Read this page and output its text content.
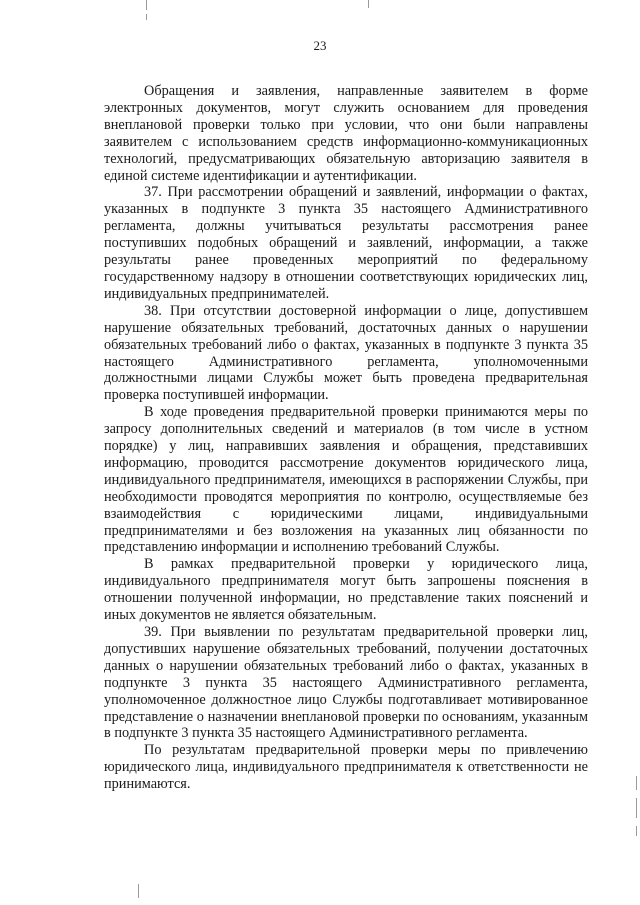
23

Обращения и заявления, направленные заявителем в форме электронных документов, могут служить основанием для проведения внеплановой проверки только при условии, что они были направлены заявителем с использованием средств информационно-коммуникационных технологий, предусматривающих обязательную авторизацию заявителя в единой системе идентификации и аутентификации.

37. При рассмотрении обращений и заявлений, информации о фактах, указанных в подпункте 3 пункта 35 настоящего Административного регламента, должны учитываться результаты рассмотрения ранее поступивших подобных обращений и заявлений, информации, а также результаты ранее проведенных мероприятий по федеральному государственному надзору в отношении соответствующих юридических лиц, индивидуальных предпринимателей.

38. При отсутствии достоверной информации о лице, допустившем нарушение обязательных требований, достаточных данных о нарушении обязательных требований либо о фактах, указанных в подпункте 3 пункта 35 настоящего Административного регламента, уполномоченными должностными лицами Службы может быть проведена предварительная проверка поступившей информации.

В ходе проведения предварительной проверки принимаются меры по запросу дополнительных сведений и материалов (в том числе в устном порядке) у лиц, направивших заявления и обращения, представивших информацию, проводится рассмотрение документов юридического лица, индивидуального предпринимателя, имеющихся в распоряжении Службы, при необходимости проводятся мероприятия по контролю, осуществляемые без взаимодействия с юридическими лицами, индивидуальными предпринимателями и без возложения на указанных лиц обязанности по представлению информации и исполнению требований Службы.

В рамках предварительной проверки у юридического лица, индивидуального предпринимателя могут быть запрошены пояснения в отношении полученной информации, но представление таких пояснений и иных документов не является обязательным.

39. При выявлении по результатам предварительной проверки лиц, допустивших нарушение обязательных требований, получении достаточных данных о нарушении обязательных требований либо о фактах, указанных в подпункте 3 пункта 35 настоящего Административного регламента, уполномоченное должностное лицо Службы подготавливает мотивированное представление о назначении внеплановой проверки по основаниям, указанным в подпункте 3 пункта 35 настоящего Административного регламента.

По результатам предварительной проверки меры по привлечению юридического лица, индивидуального предпринимателя к ответственности не принимаются.
